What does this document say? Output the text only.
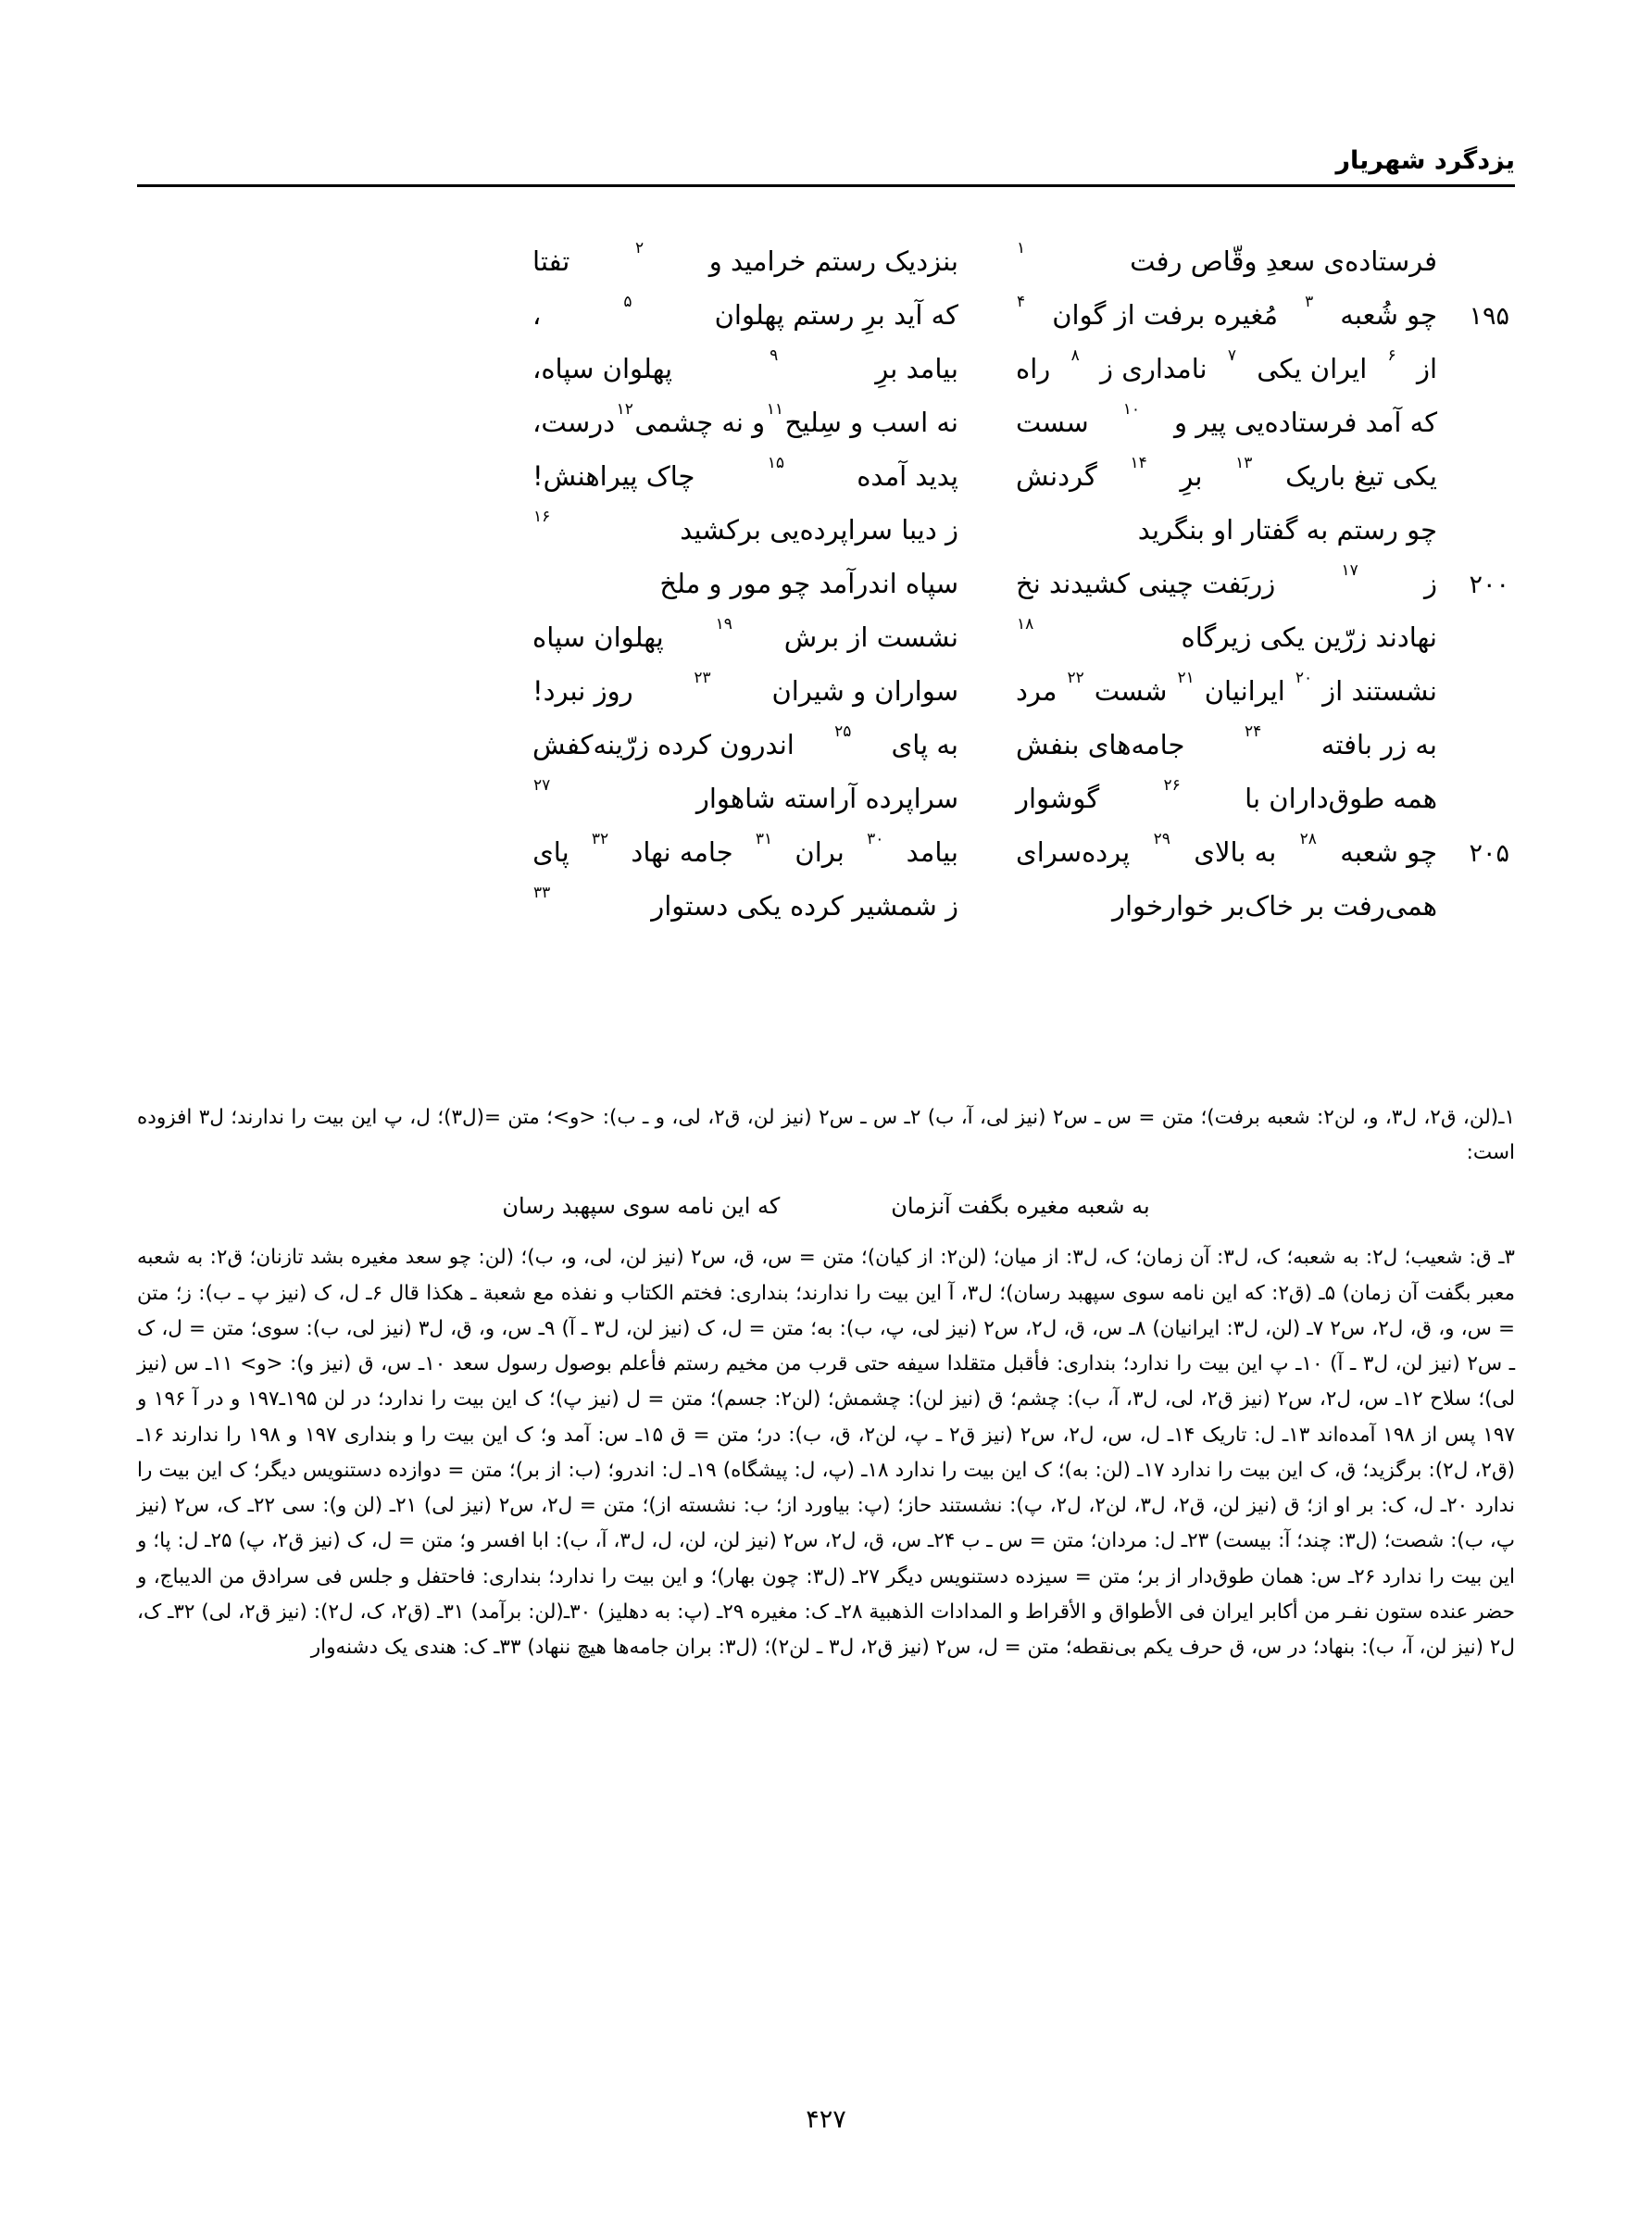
یزدگرد شهریار
فرستاده‌ی سعدِ وقّاص رفت
۱
بنزدیک رستم خرامید و
۲
تفتا
۱۹۵
چو شُعبه
۳
مُغیره برفت از گوان
۴
که آید برِ رستم پهلوان
۵
،
از
۶
ایران یکی
۷
نامداری ز
۸
راه
بیامد برِ
۹
پهلوان سپاه،
که آمد فرستاده‌یی پیر و
۱۰
سست
نه اسب و سِلیح
۱۱
و نه چشمی
۱۲
درست،
یکی تیغ باریک
۱۳
برِ
۱۴
گردنش
پدید آمده
۱۵
چاک پیراهنش!
چو رستم به گفتار او بنگرید
ز دیبا سراپرده‌یی برکشید
۱۶
۲۰۰
ز
۱۷
زربَفت چینی کشیدند نخ
سپاه اندرآمد چو مور و ملخ
نهادند زرّین یکی زیرگاه
۱۸
نشست از برش
۱۹
پهلوان سپاه
نشستند از
۲۰
ایرانیان
۲۱
شست
۲۲
مرد
سواران و شیران
۲۳
روز نبرد!
به زر بافته
۲۴
جامه‌های بنفش
به پای
۲۵
اندرون کرده زرّینه‌کفش
همه طوق‌داران با
۲۶
گوشوار
سراپرده آراسته شاهوار
۲۷
۲۰۵
چو شعبه
۲۸
به بالای
۲۹
پرده‌سرای
بیامد
۳۰
بران
۳۱
جامه نهاد
۳۲
پای
همی‌رفت بر خاک‌بر خوارخوار
ز شمشیر کرده یکی دستوار
۳۳

۱ـ(لن، ق۲، ل۳، و، لن۲: شعبه برفت)؛ متن = س ـ س۲ (نیز لی، آ، ب) ۲ـ س ـ س۲ (نیز لن، ق۲، لی، و ـ ب): <و>؛ متن =(ل۳)؛ ل، پ این بیت را ندارند؛ ل۳ افزوده است:

به شعبه مغیره بگفت آنزمان
که این نامه سوی سپهبد رسان

۳ـ ق: شعیب؛ ل۲: به شعبه؛ ک، ل۳: آن زمان؛ ک، ل۳: از میان؛ (لن۲: از کیان)؛ متن = س، ق، س۲ (نیز لن، لی، و، ب)؛ (لن: چو سعد مغیره بشد تازنان؛ ق۲: به شعبه معبر بگفت آن زمان) ۵ـ (ق۲: که این نامه سوی سپهبد رسان)؛ ل۳، آ این بیت را ندارند؛ بنداری: فختم الکتاب و نفذه مع شعبة ـ هکذا قال ۶ـ ل، ک (نیز پ ـ ب): ز؛ متن = س، و، ق، ل۲، س۲ ۷ـ (لن، ل۳: ایرانیان) ۸ـ س، ق، ل۲، س۲ (نیز لی، پ، ب): به؛ متن = ل، ک (نیز لن، ل۳ ـ آ) ۹ـ س، و، ق، ل۳ (نیز لی، ب): سوی؛ متن = ل، ک ـ س۲ (نیز لن، ل۳ ـ آ) ۱۰ـ پ این بیت را ندارد؛ بنداری: فأقبل متقلدا سیفه حتی قرب من مخیم رستم فأعلم بوصول رسول سعد ۱۰ـ س، ق (نیز و): <و> ۱۱ـ س (نیز لی)؛ سلاح ۱۲ـ س، ل۲، س۲ (نیز ق۲، لی، ل۳، آ، ب): چشم؛ ق (نیز لن): چشمش؛ (لن۲: جسم)؛ متن = ل (نیز پ)؛ ک این بیت را ندارد؛ در لن ۱۹۵ـ۱۹۷ و در آ ۱۹۶ و ۱۹۷ پس از ۱۹۸ آمده‌اند ۱۳ـ ل: تاریک ۱۴ـ ل، س، ل۲، س۲ (نیز ق۲ ـ پ، لن۲، ق، ب): در؛ متن = ق ۱۵ـ س: آمد و؛ ک این بیت را و بنداری ۱۹۷ و ۱۹۸ را ندارند ۱۶ـ (ق۲، ل۲): برگزید؛ ق، ک این بیت را ندارد ۱۷ـ (لن: به)؛ ک این بیت را ندارد ۱۸ـ (پ، ل: پیشگاه) ۱۹ـ ل: اندرو؛ (ب: از بر)؛ متن = دوازده دستنویس دیگر؛ ک این بیت را ندارد ۲۰ـ ل، ک: بر او از؛ ق (نیز لن، ق۲، ل۳، لن۲، ل۲، پ): نشستند حاز؛ (پ: بیاورد از؛ ب: نشسته از)؛ متن = ل۲، س۲ (نیز لی) ۲۱ـ (لن و): سی ۲۲ـ ک، س۲ (نیز پ، ب): شصت؛ (ل۳: چند؛ آ: بیست) ۲۳ـ ل: مردان؛ متن = س ـ ب ۲۴ـ س، ق، ل۲، س۲ (نیز لن، لن، ل، ل۳، آ، ب): ابا افسر و؛ متن = ل، ک (نیز ق۲، پ) ۲۵ـ ل: پا؛ و این بیت را ندارد ۲۶ـ س: همان طوق‌دار از بر؛ متن = سیزده دستنویس دیگر ۲۷ـ (ل۳: چون بهار)؛ و این بیت را ندارد؛ بنداری: فاحتفل و جلس فی سرادق من الدیباج، و حضر عنده ستون نفـر من أکابر ایران فی الأطواق و الأقراط و المدادات الذهبیة ۲۸ـ ک: مغیره ۲۹ـ (پ: به دهلیز) ۳۰ـ(لن: برآمد) ۳۱ـ (ق۲، ک، ل۲): (نیز ق۲، لی) ۳۲ـ ک، ل۲ (نیز لن، آ، ب): بنهاد؛ در س، ق حرف یکم بی‌نقطه؛ متن = ل، س۲ (نیز ق۲، ل۳ ـ لن۲)؛ (ل۳: بران جامه‌ها هیچ ننهاد) ۳۳ـ ک: هندی یک دشنه‌وار

۴۲۷
